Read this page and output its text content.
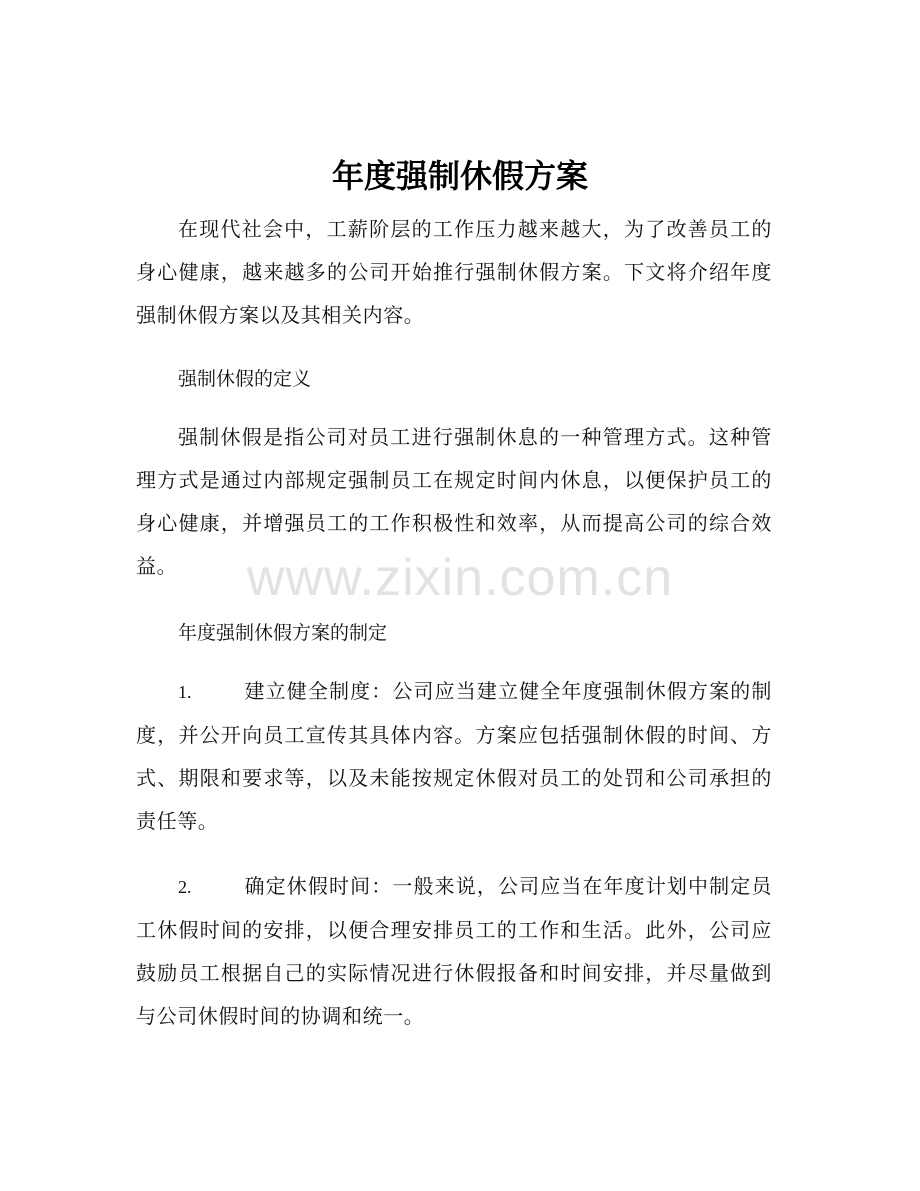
年度强制休假方案

在现代社会中，工薪阶层的工作压力越来越大，为了改善员工的身心健康，越来越多的公司开始推行强制休假方案。下文将介绍年度强制休假方案以及其相关内容。

强制休假的定义

强制休假是指公司对员工进行强制休息的一种管理方式。这种管理方式是通过内部规定强制员工在规定时间内休息，以便保护员工的身心健康，并增强员工的工作积极性和效率，从而提高公司的综合效益。

年度强制休假方案的制定

1.	建立健全制度：公司应当建立健全年度强制休假方案的制度，并公开向员工宣传其具体内容。方案应包括强制休假的时间、方式、期限和要求等，以及未能按规定休假对员工的处罚和公司承担的责任等。

2.	确定休假时间：一般来说，公司应当在年度计划中制定员工休假时间的安排，以便合理安排员工的工作和生活。此外，公司应鼓励员工根据自己的实际情况进行休假报备和时间安排，并尽量做到与公司休假时间的协调和统一。

www.zixin.com.cn
